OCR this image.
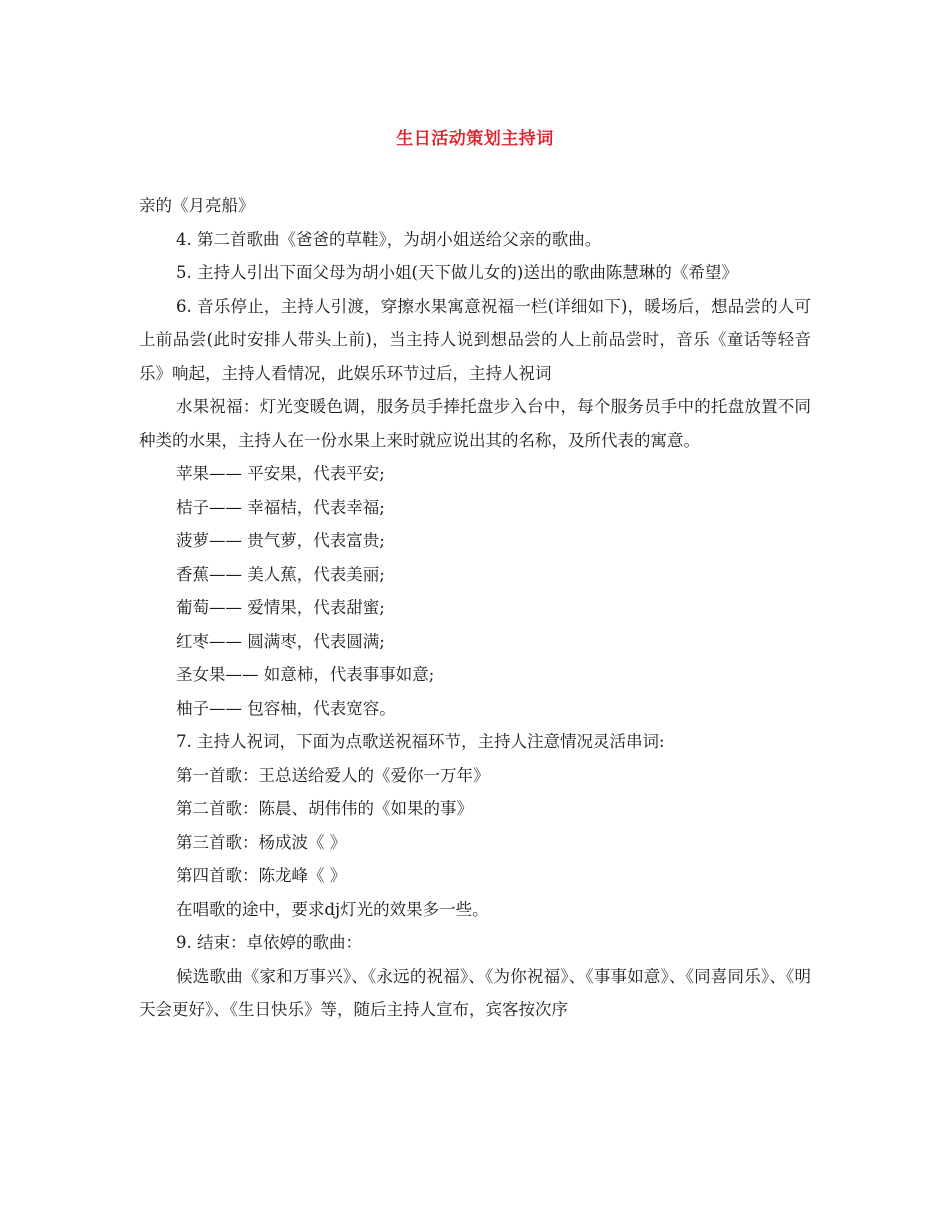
生日活动策划主持词

亲的《月亮船》

4. 第二首歌曲《爸爸的草鞋》，为胡小姐送给父亲的歌曲。

5. 主持人引出下面父母为胡小姐(天下做儿女的)送出的歌曲陈慧琳的《希望》

6. 音乐停止，主持人引渡，穿擦水果寓意祝福一栏(详细如下)，暖场后，想品尝的人可上前品尝(此时安排人带头上前)，当主持人说到想品尝的人上前品尝时，音乐《童话等轻音乐》响起，主持人看情况，此娱乐环节过后，主持人祝词

水果祝福：灯光变暖色调，服务员手捧托盘步入台中，每个服务员手中的托盘放置不同种类的水果，主持人在一份水果上来时就应说出其的名称，及所代表的寓意。

苹果—— 平安果，代表平安;

桔子—— 幸福桔，代表幸福;

菠萝—— 贵气萝，代表富贵;

香蕉—— 美人蕉，代表美丽;

葡萄—— 爱情果，代表甜蜜;

红枣—— 圆满枣，代表圆满;

圣女果—— 如意柿，代表事事如意;

柚子—— 包容柚，代表宽容。

7. 主持人祝词，下面为点歌送祝福环节，主持人注意情况灵活串词:

第一首歌：王总送给爱人的《爱你一万年》

第二首歌：陈晨、胡伟伟的《如果的事》

第三首歌：杨成波《 》

第四首歌：陈龙峰《 》

在唱歌的途中，要求dj灯光的效果多一些。

9. 结束：卓依婷的歌曲：

候选歌曲《家和万事兴》、《永远的祝福》、《为你祝福》、《事事如意》、《同喜同乐》、《明天会更好》、《生日快乐》等，随后主持人宣布，宾客按次序
